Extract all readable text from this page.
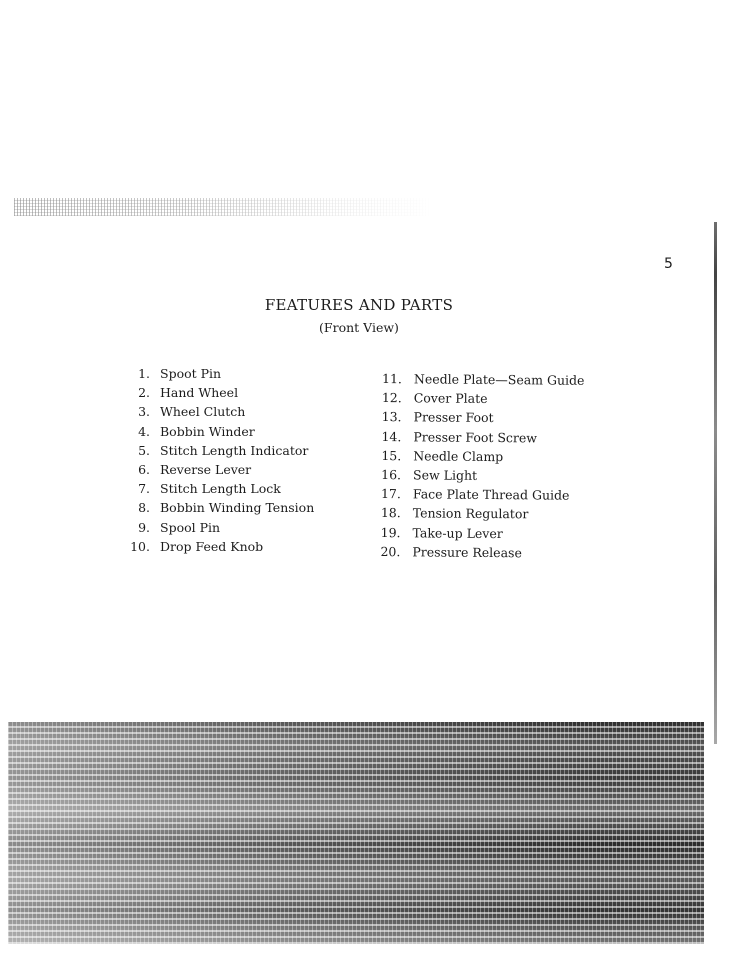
5
FEATURES AND PARTS
(Front View)
1. Spoot Pin
2. Hand Wheel
3. Wheel Clutch
4. Bobbin Winder
5. Stitch Length Indicator
6. Reverse Lever
7. Stitch Length Lock
8. Bobbin Winding Tension
9. Spool Pin
10. Drop Feed Knob
11. Needle Plate—Seam Guide
12. Cover Plate
13. Presser Foot
14. Presser Foot Screw
15. Needle Clamp
16. Sew Light
17. Face Plate Thread Guide
18. Tension Regulator
19. Take-up Lever
20. Pressure Release
